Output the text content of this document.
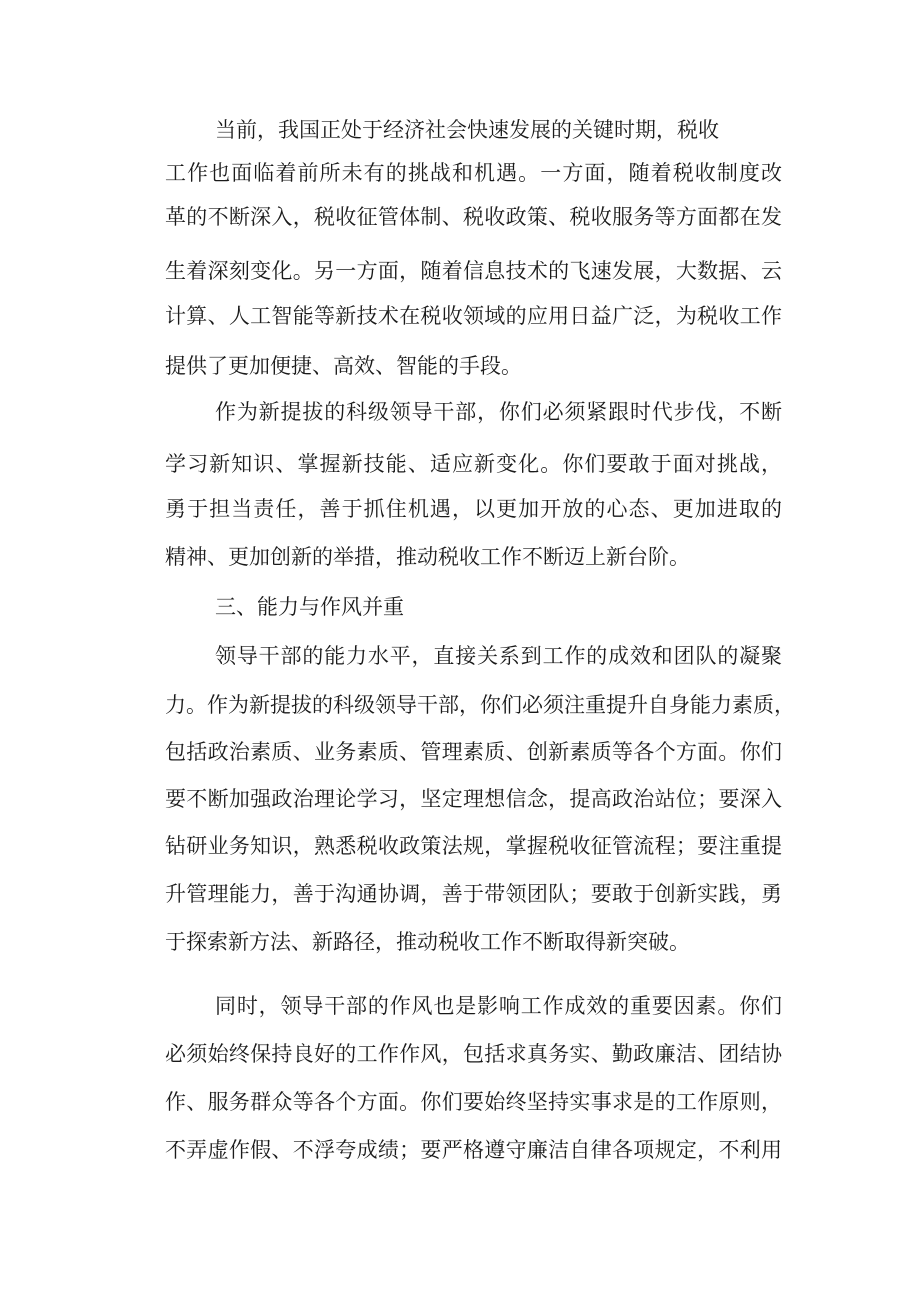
当前，我国正处于经济社会快速发展的关键时期，税收

工作也面临着前所未有的挑战和机遇。一方面，随着税收制度改

革的不断深入，税收征管体制、税收政策、税收服务等方面都在发

生着深刻变化。另一方面，随着信息技术的飞速发展，大数据、云

计算、人工智能等新技术在税收领域的应用日益广泛，为税收工作

提供了更加便捷、高效、智能的手段。

作为新提拔的科级领导干部，你们必须紧跟时代步伐，不断

学习新知识、掌握新技能、适应新变化。你们要敢于面对挑战，

勇于担当责任，善于抓住机遇，以更加开放的心态、更加进取的

精神、更加创新的举措，推动税收工作不断迈上新台阶。

三、能力与作风并重

领导干部的能力水平，直接关系到工作的成效和团队的凝聚

力。作为新提拔的科级领导干部，你们必须注重提升自身能力素质，

包括政治素质、业务素质、管理素质、创新素质等各个方面。你们

要不断加强政治理论学习，坚定理想信念，提高政治站位；要深入

钻研业务知识，熟悉税收政策法规，掌握税收征管流程；要注重提

升管理能力，善于沟通协调，善于带领团队；要敢于创新实践，勇

于探索新方法、新路径，推动税收工作不断取得新突破。

同时，领导干部的作风也是影响工作成效的重要因素。你们

必须始终保持良好的工作作风，包括求真务实、勤政廉洁、团结协

作、服务群众等各个方面。你们要始终坚持实事求是的工作原则，

不弄虚作假、不浮夸成绩；要严格遵守廉洁自律各项规定，不利用
